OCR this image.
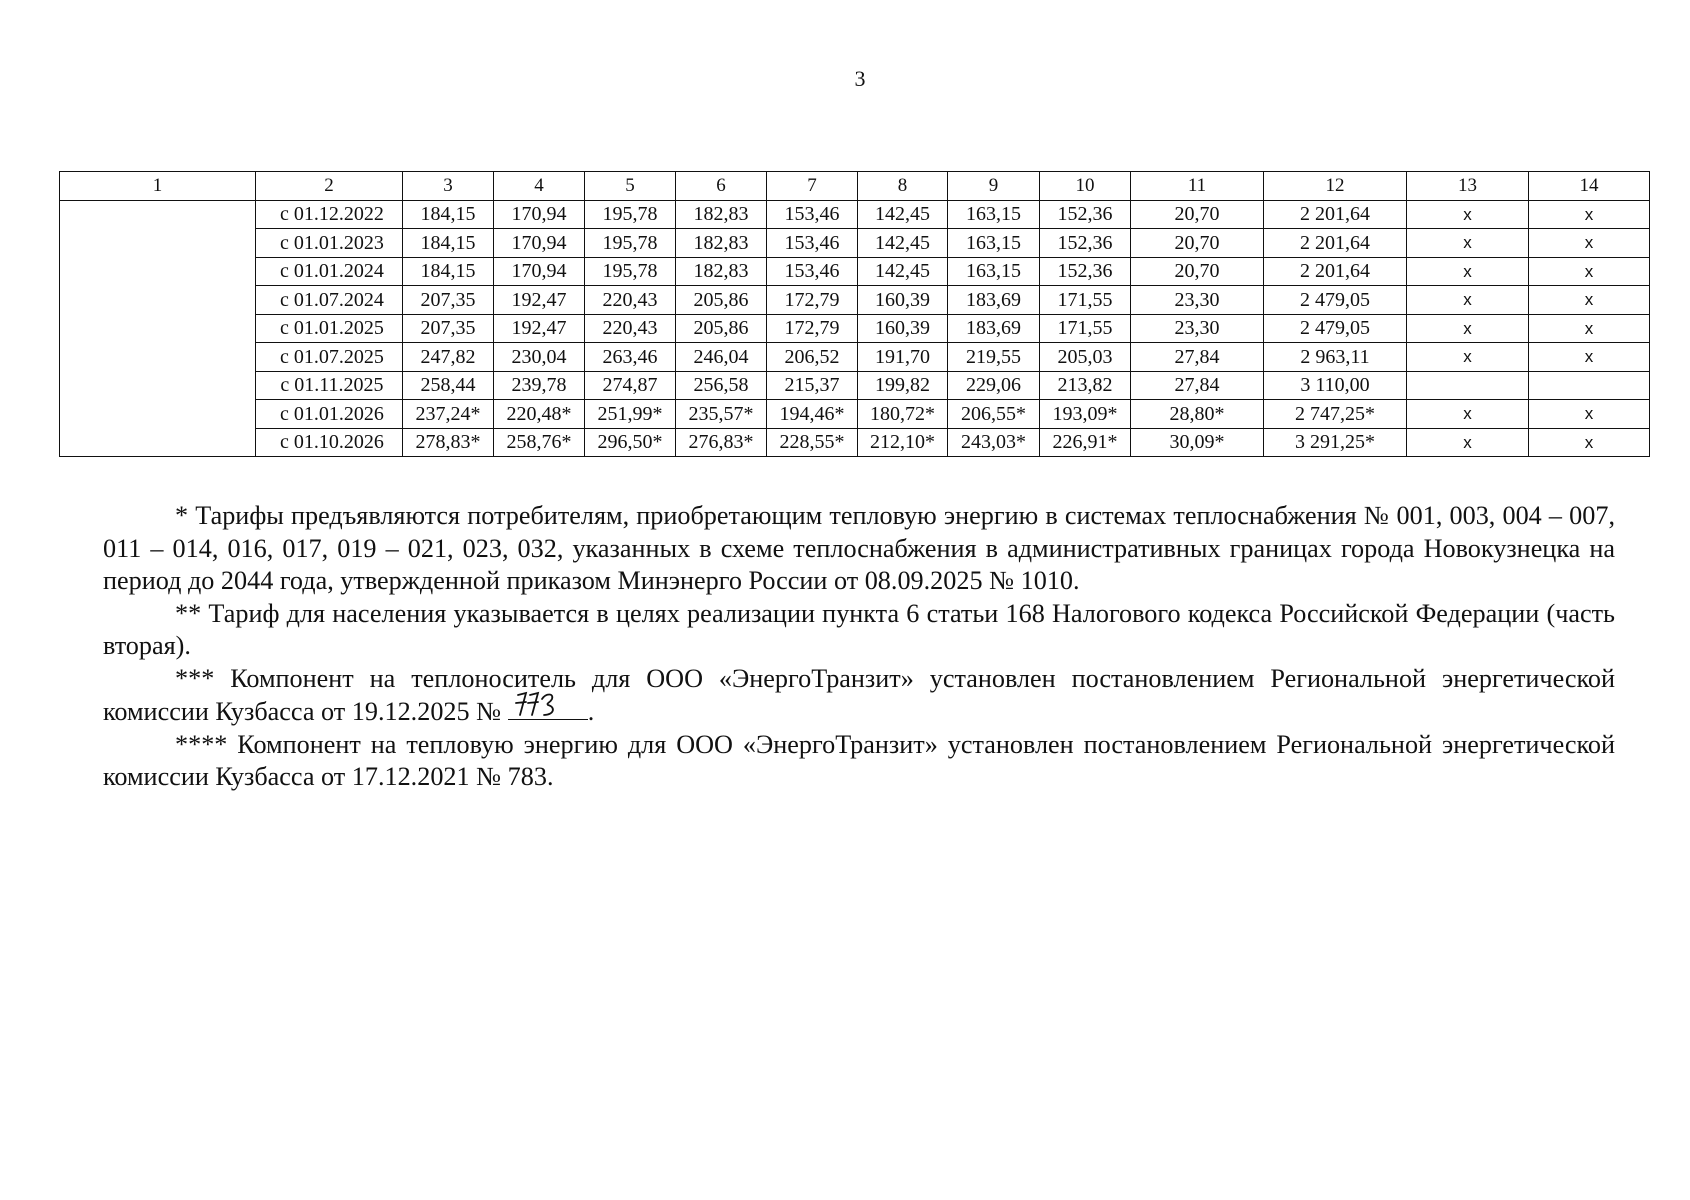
3
1	2	3	4	5	6	7	8	9	10	11	12	13	14
	с 01.12.2022	184,15	170,94	195,78	182,83	153,46	142,45	163,15	152,36	20,70	2 201,64	x	x
	с 01.01.2023	184,15	170,94	195,78	182,83	153,46	142,45	163,15	152,36	20,70	2 201,64	x	x
	с 01.01.2024	184,15	170,94	195,78	182,83	153,46	142,45	163,15	152,36	20,70	2 201,64	x	x
	с 01.07.2024	207,35	192,47	220,43	205,86	172,79	160,39	183,69	171,55	23,30	2 479,05	x	x
	с 01.01.2025	207,35	192,47	220,43	205,86	172,79	160,39	183,69	171,55	23,30	2 479,05	x	x
	с 01.07.2025	247,82	230,04	263,46	246,04	206,52	191,70	219,55	205,03	27,84	2 963,11	x	x
	с 01.11.2025	258,44	239,78	274,87	256,58	215,37	199,82	229,06	213,82	27,84	3 110,00		
	с 01.01.2026	237,24*	220,48*	251,99*	235,57*	194,46*	180,72*	206,55*	193,09*	28,80*	2 747,25*	x	x
	с 01.10.2026	278,83*	258,76*	296,50*	276,83*	228,55*	212,10*	243,03*	226,91*	30,09*	3 291,25*	x	x

* Тарифы предъявляются потребителям, приобретающим тепловую энергию в системах теплоснабжения № 001, 003, 004 – 007, 011 – 014, 016, 017, 019 – 021, 023, 032, указанных в схеме теплоснабжения в административных границах города Новокузнецка на период до 2044 года, утвержденной приказом Минэнерго России от 08.09.2025 № 1010.

** Тариф для населения указывается в целях реализации пункта 6 статьи 168 Налогового кодекса Российской Федерации (часть вторая).

*** Компонент на теплоноситель для ООО «ЭнергоТранзит» установлен постановлением Региональной энергетической комиссии Кузбасса от 19.12.2025 №	.

**** Компонент на тепловую энергию для ООО «ЭнергоТранзит» установлен постановлением Региональной энергетической комиссии Кузбасса от 17.12.2021 № 783.
